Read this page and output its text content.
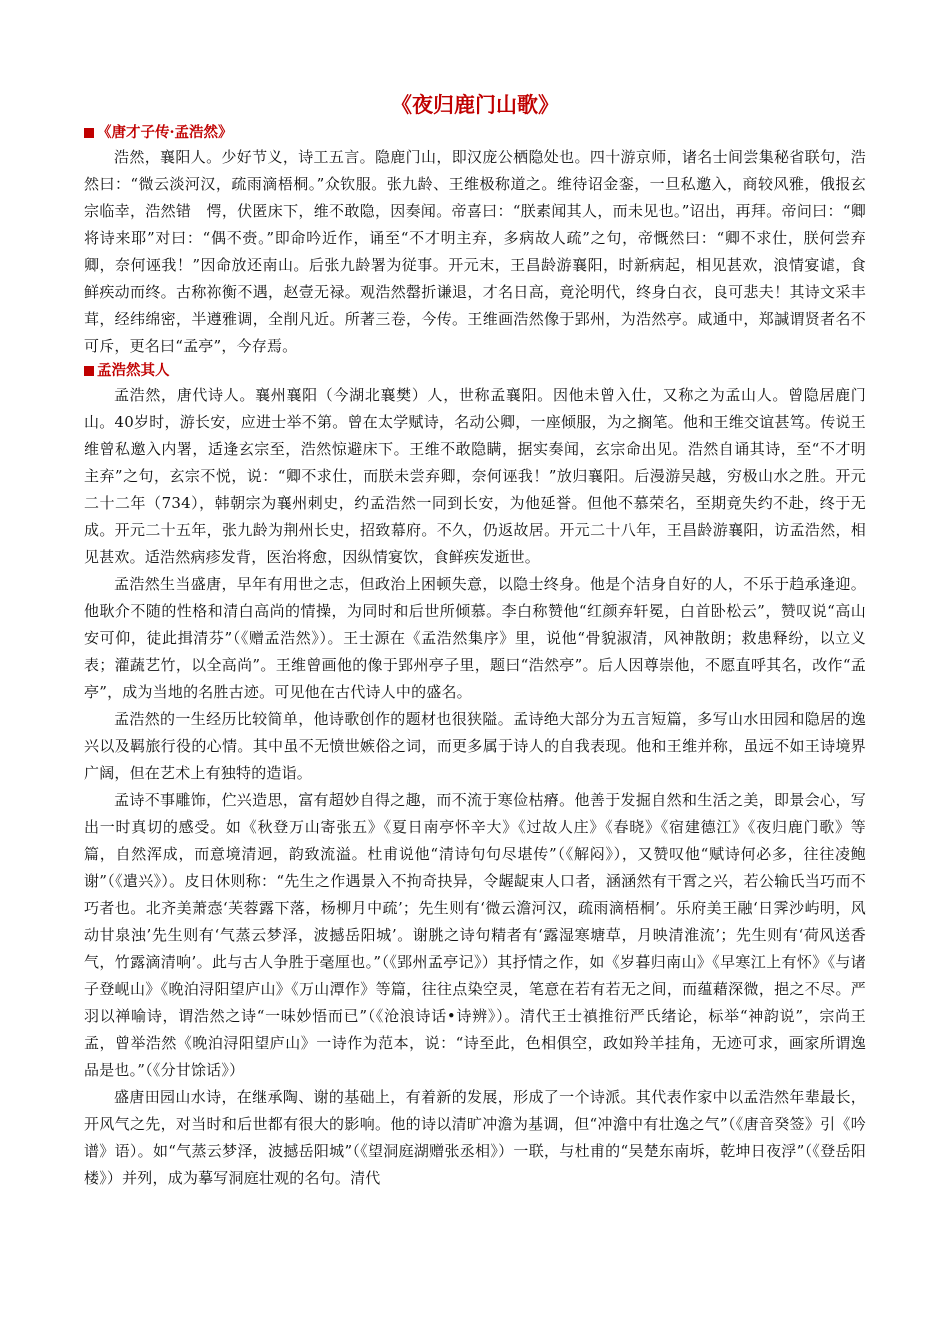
《夜归鹿门山歌》
《唐才子传·孟浩然》

浩然，襄阳人。少好节义，诗工五言。隐鹿门山，即汉庞公栖隐处也。四十游京师，诸名士间尝集秘省联句，浩然曰：“微云淡河汉，疏雨滴梧桐。”众钦服。张九龄、王维极称道之。维待诏金銮，一旦私邀入，商较风雅，俄报玄宗临幸，浩然错　愕，伏匿床下，维不敢隐，因奏闻。帝喜曰：“朕素闻其人，而未见也。”诏出，再拜。帝问曰：“卿将诗来耶”对曰：“偶不赍。”即命吟近作，诵至“不才明主弃，多病故人疏”之句，帝慨然曰：“卿不求仕，朕何尝弃卿，奈何诬我！”因命放还南山。后张九龄署为従事。开元末，王昌龄游襄阳，时新病起，相见甚欢，浪情宴谑，食鲜疾动而终。古称祢衡不遇，赵壹无禄。观浩然罄折谦退，才名日高，竟沦明代，终身白衣，良可悲夫！其诗文采丰茸，经纬绵密，半遵雅调，全削凡近。所著三卷，今传。王维画浩然像于郢州，为浩然亭。咸通中，郑諴谓贤者名不可斥，更名曰“孟亭”，今存焉。

孟浩然其人

孟浩然，唐代诗人。襄州襄阳（今湖北襄樊）人，世称孟襄阳。因他未曾入仕，又称之为孟山人。曾隐居鹿门山。40岁时，游长安，应进士举不第。曾在太学赋诗，名动公卿，一座倾服，为之搁笔。他和王维交谊甚笃。传说王维曾私邀入内署，适逢玄宗至，浩然惊避床下。王维不敢隐瞒，据实奏闻，玄宗命出见。浩然自诵其诗，至“不才明主弃”之句，玄宗不悦，说：“卿不求仕，而朕未尝弃卿，奈何诬我！”放归襄阳。后漫游吴越，穷极山水之胜。开元二十二年（734），韩朝宗为襄州刺史，约孟浩然一同到长安，为他延誉。但他不慕荣名，至期竟失约不赴，终于无成。开元二十五年，张九龄为荆州长史，招致幕府。不久，仍返故居。开元二十八年，王昌龄游襄阳，访孟浩然，相见甚欢。适浩然病疹发背，医治将愈，因纵情宴饮，食鲜疾发逝世。

孟浩然生当盛唐，早年有用世之志，但政治上困顿失意，以隐士终身。他是个洁身自好的人，不乐于趋承逢迎。他耿介不随的性格和清白高尚的情操，为同时和后世所倾慕。李白称赞他“红颜弃轩冕，白首卧松云”，赞叹说“高山安可仰，徒此揖清芬”（《赠孟浩然》）。王士源在《孟浩然集序》里，说他“骨貌淑清，风神散朗；救患释纷，以立义表；灌蔬艺竹，以全高尚”。王维曾画他的像于郢州亭子里，题曰“浩然亭”。后人因尊崇他，不愿直呼其名，改作“孟亭”，成为当地的名胜古迹。可见他在古代诗人中的盛名。

孟浩然的一生经历比较简单，他诗歌创作的题材也很狭隘。孟诗绝大部分为五言短篇，多写山水田园和隐居的逸兴以及羁旅行役的心情。其中虽不无愤世嫉俗之词，而更多属于诗人的自我表现。他和王维并称，虽远不如王诗境界广阔，但在艺术上有独特的造诣。

孟诗不事雕饰，伫兴造思，富有超妙自得之趣，而不流于寒俭枯瘠。他善于发掘自然和生活之美，即景会心，写出一时真切的感受。如《秋登万山寄张五》《夏日南亭怀辛大》《过故人庄》《春晓》《宿建德江》《夜归鹿门歌》等篇，自然浑成，而意境清迥，韵致流溢。杜甫说他“清诗句句尽堪传”（《解闷》），又赞叹他“赋诗何必多，往往凌鲍谢”（《遣兴》）。皮日休则称：“先生之作遇景入不拘奇抉异，令龌龊束人口者，涵涵然有干霄之兴，若公输氏当巧而不巧者也。北齐美萧悫‘芙蓉露下落，杨柳月中疏’；先生则有‘微云澹河汉，疏雨滴梧桐’。乐府美王融‘日霁沙屿明，风动甘泉浊’先生则有‘气蒸云梦泽，波撼岳阳城’。谢朓之诗句精者有‘露湿寒塘草，月映清淮流’；先生则有‘荷风送香气，竹露滴清响’。此与古人争胜于毫厘也。”（《郢州孟亭记》）其抒情之作，如《岁暮归南山》《早寒江上有怀》《与诸子登岘山》《晚泊浔阳望庐山》《万山潭作》等篇，往往点染空灵，笔意在若有若无之间，而蕴藉深微，挹之不尽。严羽以禅喻诗，谓浩然之诗“一味妙悟而已”（《沧浪诗话•诗辨》）。清代王士禛推衍严氏绪论，标举“神韵说”，宗尚王孟，曾举浩然《晚泊浔阳望庐山》一诗作为范本，说：“诗至此，色相俱空，政如羚羊挂角，无迹可求，画家所谓逸品是也。”（《分甘馀话》）

盛唐田园山水诗，在继承陶、谢的基础上，有着新的发展，形成了一个诗派。其代表作家中以孟浩然年辈最长，开风气之先，对当时和后世都有很大的影响。他的诗以清旷冲澹为基调，但“冲澹中有壮逸之气”（《唐音癸签》引《吟谱》语）。如“气蒸云梦泽，波撼岳阳城”（《望洞庭湖赠张丞相》）一联，与杜甫的“吴楚东南坼，乾坤日夜浮”（《登岳阳楼》）并列，成为摹写洞庭壮观的名句。清代
